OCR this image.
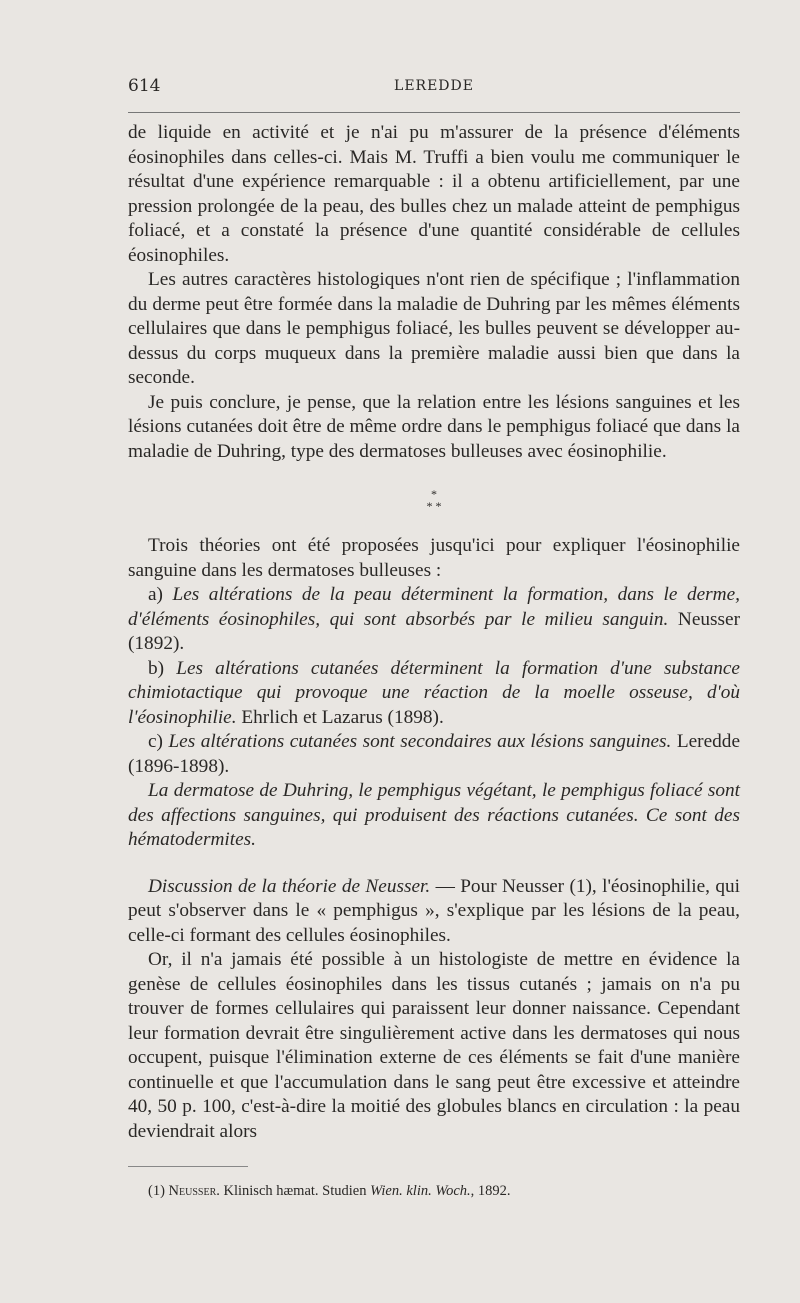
614	LEREDDE

de liquide en activité et je n'ai pu m'assurer de la présence d'éléments éosinophiles dans celles-ci. Mais M. Truffi a bien voulu me communiquer le résultat d'une expérience remarquable : il a obtenu artificiellement, par une pression prolongée de la peau, des bulles chez un malade atteint de pemphigus foliacé, et a constaté la présence d'une quantité considérable de cellules éosinophiles.

Les autres caractères histologiques n'ont rien de spécifique ; l'inflammation du derme peut être formée dans la maladie de Duhring par les mêmes éléments cellulaires que dans le pemphigus foliacé, les bulles peuvent se développer au-dessus du corps muqueux dans la première maladie aussi bien que dans la seconde.

Je puis conclure, je pense, que la relation entre les lésions sanguines et les lésions cutanées doit être de même ordre dans le pemphigus foliacé que dans la maladie de Duhring, type des dermatoses bulleuses avec éosinophilie.

*
* *

Trois théories ont été proposées jusqu'ici pour expliquer l'éosinophilie sanguine dans les dermatoses bulleuses :

a) Les altérations de la peau déterminent la formation, dans le derme, d'éléments éosinophiles, qui sont absorbés par le milieu sanguin. Neusser (1892).

b) Les altérations cutanées déterminent la formation d'une substance chimiotactique qui provoque une réaction de la moelle osseuse, d'où l'éosinophilie. Ehrlich et Lazarus (1898).

c) Les altérations cutanées sont secondaires aux lésions sanguines. Leredde (1896-1898).

La dermatose de Duhring, le pemphigus végétant, le pemphigus foliacé sont des affections sanguines, qui produisent des réactions cutanées. Ce sont des hématodermites.

Discussion de la théorie de Neusser. — Pour Neusser (1), l'éosinophilie, qui peut s'observer dans le « pemphigus », s'explique par les lésions de la peau, celle-ci formant des cellules éosinophiles.

Or, il n'a jamais été possible à un histologiste de mettre en évidence la genèse de cellules éosinophiles dans les tissus cutanés ; jamais on n'a pu trouver de formes cellulaires qui paraissent leur donner naissance. Cependant leur formation devrait être singulièrement active dans les dermatoses qui nous occupent, puisque l'élimination externe de ces éléments se fait d'une manière continuelle et que l'accumulation dans le sang peut être excessive et atteindre 40, 50 p. 100, c'est-à-dire la moitié des globules blancs en circulation : la peau deviendrait alors

(1) Neusser. Klinisch hæmat. Studien Wien. klin. Woch., 1892.
